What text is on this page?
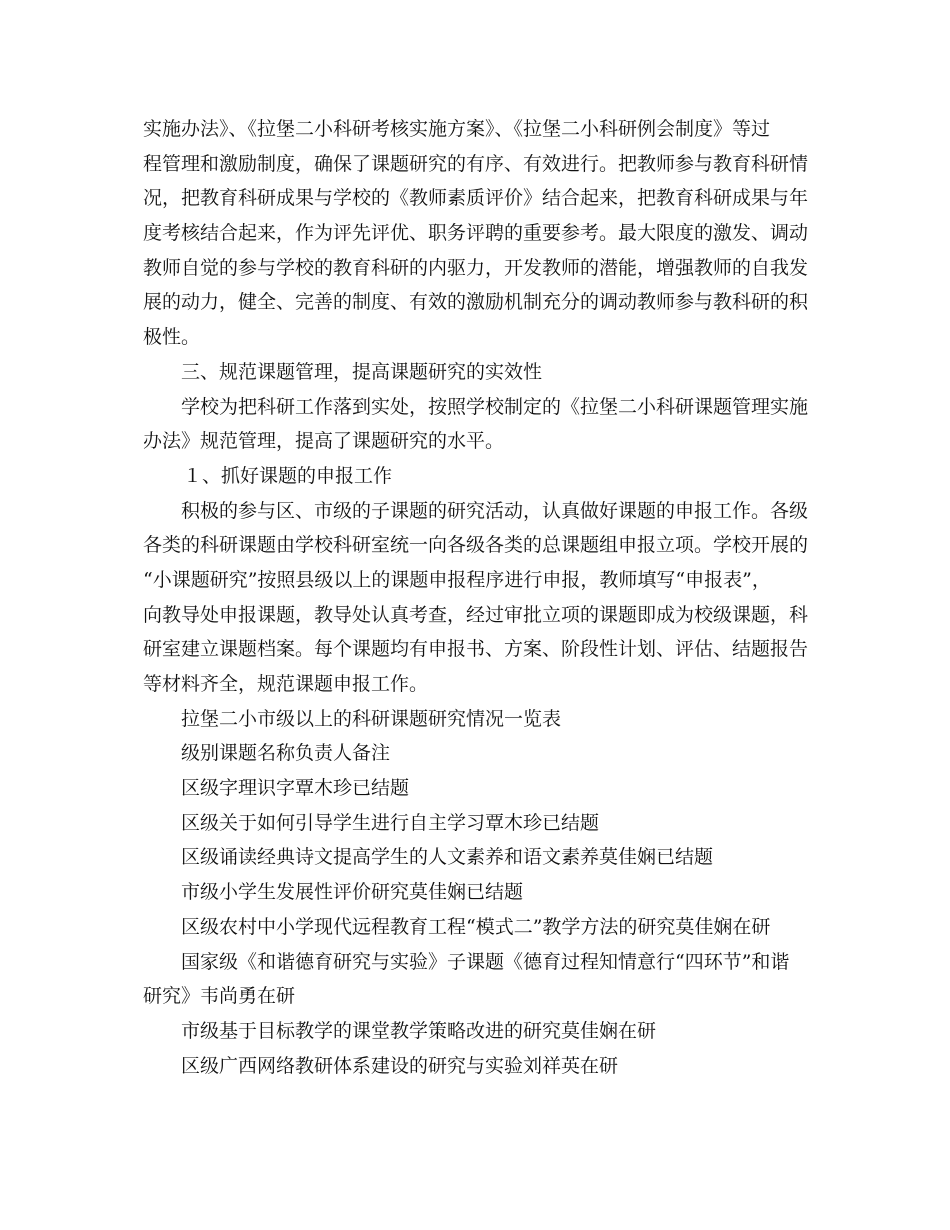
实施办法》、《拉堡二小科研考核实施方案》、《拉堡二小科研例会制度》等过
程管理和激励制度，确保了课题研究的有序、有效进行。把教师参与教育科研情
况，把教育科研成果与学校的《教师素质评价》结合起来，把教育科研成果与年
度考核结合起来，作为评先评优、职务评聘的重要参考。最大限度的激发、调动
教师自觉的参与学校的教育科研的内驱力，开发教师的潜能，增强教师的自我发
展的动力，健全、完善的制度、有效的激励机制充分的调动教师参与教科研的积
极性。
三、规范课题管理，提高课题研究的实效性
学校为把科研工作落到实处，按照学校制定的《拉堡二小科研课题管理实施
办法》规范管理，提高了课题研究的水平。
１、抓好课题的申报工作
积极的参与区、市级的子课题的研究活动，认真做好课题的申报工作。各级
各类的科研课题由学校科研室统一向各级各类的总课题组申报立项。学校开展的
“小课题研究”按照县级以上的课题申报程序进行申报，教师填写“申报表”，
向教导处申报课题，教导处认真考查，经过审批立项的课题即成为校级课题，科
研室建立课题档案。每个课题均有申报书、方案、阶段性计划、评估、结题报告
等材料齐全，规范课题申报工作。
拉堡二小市级以上的科研课题研究情况一览表
级别课题名称负责人备注
区级字理识字覃木珍已结题
区级关于如何引导学生进行自主学习覃木珍已结题
区级诵读经典诗文提高学生的人文素养和语文素养莫佳娴已结题
市级小学生发展性评价研究莫佳娴已结题
区级农村中小学现代远程教育工程“模式二”教学方法的研究莫佳娴在研
国家级《和谐德育研究与实验》子课题《德育过程知情意行“四环节”和谐
研究》韦尚勇在研
市级基于目标教学的课堂教学策略改进的研究莫佳娴在研
区级广西网络教研体系建设的研究与实验刘祥英在研
